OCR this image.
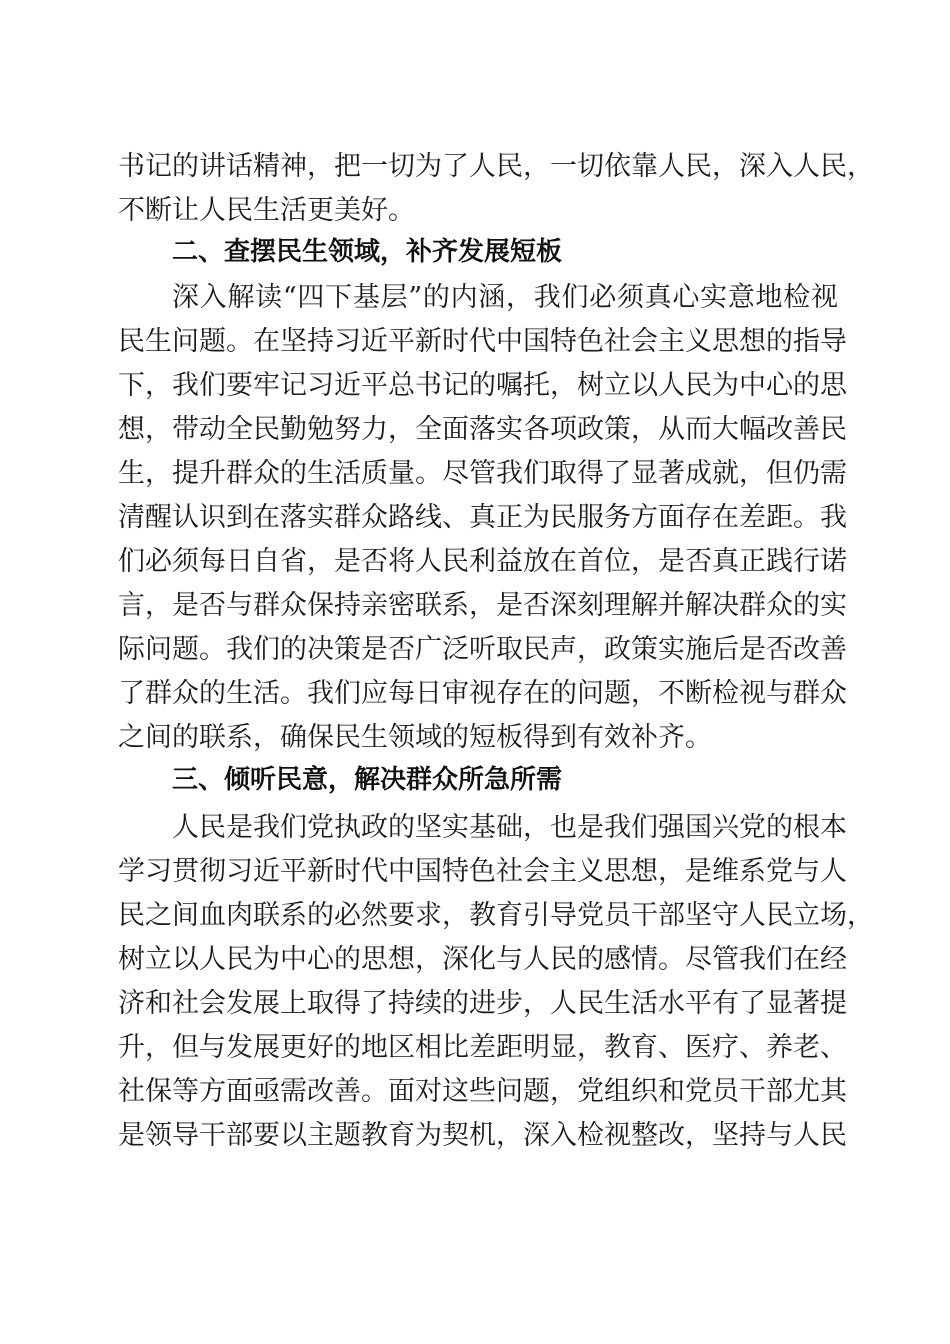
书记的讲话精神，把一切为了人民，一切依靠人民，深入人民，

不断让人民生活更美好。

二、查摆民生领域，补齐发展短板

深入解读“四下基层”的内涵，我们必须真心实意地检视

民生问题。在坚持习近平新时代中国特色社会主义思想的指导

下，我们要牢记习近平总书记的嘱托，树立以人民为中心的思

想，带动全民勤勉努力，全面落实各项政策，从而大幅改善民

生，提升群众的生活质量。尽管我们取得了显著成就，但仍需

清醒认识到在落实群众路线、真正为民服务方面存在差距。我

们必须每日自省，是否将人民利益放在首位，是否真正践行诺

言，是否与群众保持亲密联系，是否深刻理解并解决群众的实

际问题。我们的决策是否广泛听取民声，政策实施后是否改善

了群众的生活。我们应每日审视存在的问题，不断检视与群众

之间的联系，确保民生领域的短板得到有效补齐。

三、倾听民意，解决群众所急所需

人民是我们党执政的坚实基础，也是我们强国兴党的根本

学习贯彻习近平新时代中国特色社会主义思想，是维系党与人

民之间血肉联系的必然要求，教育引导党员干部坚守人民立场，

树立以人民为中心的思想，深化与人民的感情。尽管我们在经

济和社会发展上取得了持续的进步，人民生活水平有了显著提

升，但与发展更好的地区相比差距明显，教育、医疗、养老、

社保等方面亟需改善。面对这些问题，党组织和党员干部尤其

是领导干部要以主题教育为契机，深入检视整改，坚持与人民
